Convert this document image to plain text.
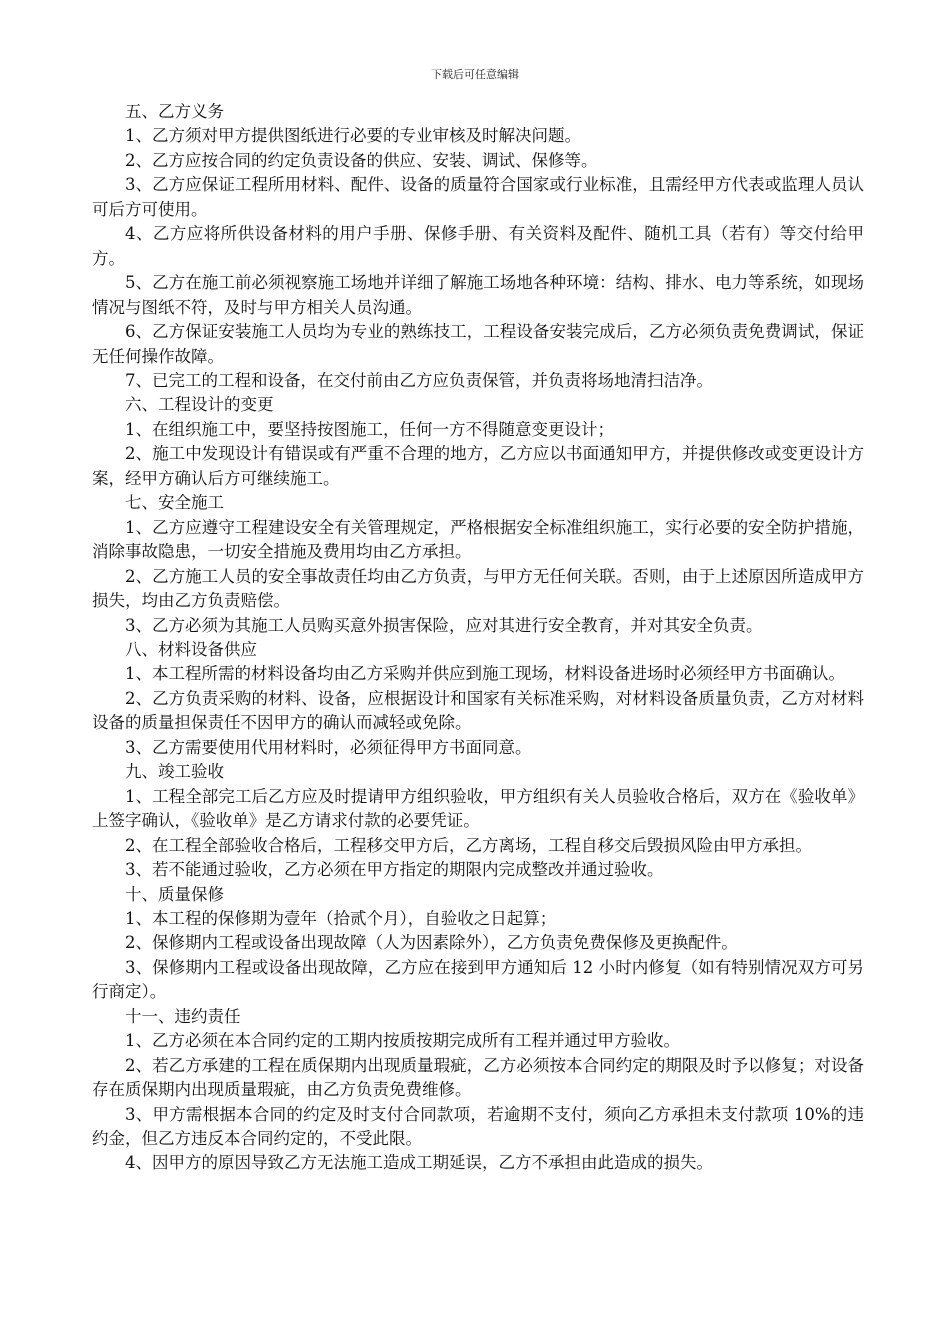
下载后可任意编辑

五、乙方义务

1、乙方须对甲方提供图纸进行必要的专业审核及时解决问题。

2、乙方应按合同的约定负责设备的供应、安装、调试、保修等。

3、乙方应保证工程所用材料、配件、设备的质量符合国家或行业标准，且需经甲方代表或监理人员认可后方可使用。

4、乙方应将所供设备材料的用户手册、保修手册、有关资料及配件、随机工具（若有）等交付给甲方。

5、乙方在施工前必须视察施工场地并详细了解施工场地各种环境：结构、排水、电力等系统，如现场情况与图纸不符，及时与甲方相关人员沟通。

6、乙方保证安装施工人员均为专业的熟练技工，工程设备安装完成后，乙方必须负责免费调试，保证无任何操作故障。

7、已完工的工程和设备，在交付前由乙方应负责保管，并负责将场地清扫洁净。

六、工程设计的变更

1、在组织施工中，要坚持按图施工，任何一方不得随意变更设计；

2、施工中发现设计有错误或有严重不合理的地方，乙方应以书面通知甲方，并提供修改或变更设计方案，经甲方确认后方可继续施工。

七、安全施工

1、乙方应遵守工程建设安全有关管理规定，严格根据安全标准组织施工，实行必要的安全防护措施，消除事故隐患，一切安全措施及费用均由乙方承担。

2、乙方施工人员的安全事故责任均由乙方负责，与甲方无任何关联。否则，由于上述原因所造成甲方损失，均由乙方负责赔偿。

3、乙方必须为其施工人员购买意外损害保险，应对其进行安全教育，并对其安全负责。

八、材料设备供应

1、本工程所需的材料设备均由乙方采购并供应到施工现场，材料设备进场时必须经甲方书面确认。

2、乙方负责采购的材料、设备，应根据设计和国家有关标准采购，对材料设备质量负责，乙方对材料设备的质量担保责任不因甲方的确认而减轻或免除。

3、乙方需要使用代用材料时，必须征得甲方书面同意。

九、竣工验收

1、工程全部完工后乙方应及时提请甲方组织验收，甲方组织有关人员验收合格后，双方在《验收单》上签字确认，《验收单》是乙方请求付款的必要凭证。

2、在工程全部验收合格后，工程移交甲方后，乙方离场，工程自移交后毁损风险由甲方承担。

3、若不能通过验收，乙方必须在甲方指定的期限内完成整改并通过验收。

十、质量保修

1、本工程的保修期为壹年（拾贰个月），自验收之日起算；

2、保修期内工程或设备出现故障（人为因素除外），乙方负责免费保修及更换配件。

3、保修期内工程或设备出现故障，乙方应在接到甲方通知后 12 小时内修复（如有特别情况双方可另行商定）。

十一、违约责任

1、乙方必须在本合同约定的工期内按质按期完成所有工程并通过甲方验收。

2、若乙方承建的工程在质保期内出现质量瑕疵，乙方必须按本合同约定的期限及时予以修复；对设备存在质保期内出现质量瑕疵，由乙方负责免费维修。

3、甲方需根据本合同的约定及时支付合同款项，若逾期不支付，须向乙方承担未支付款项 10%的违约金，但乙方违反本合同约定的，不受此限。

4、因甲方的原因导致乙方无法施工造成工期延误，乙方不承担由此造成的损失。
